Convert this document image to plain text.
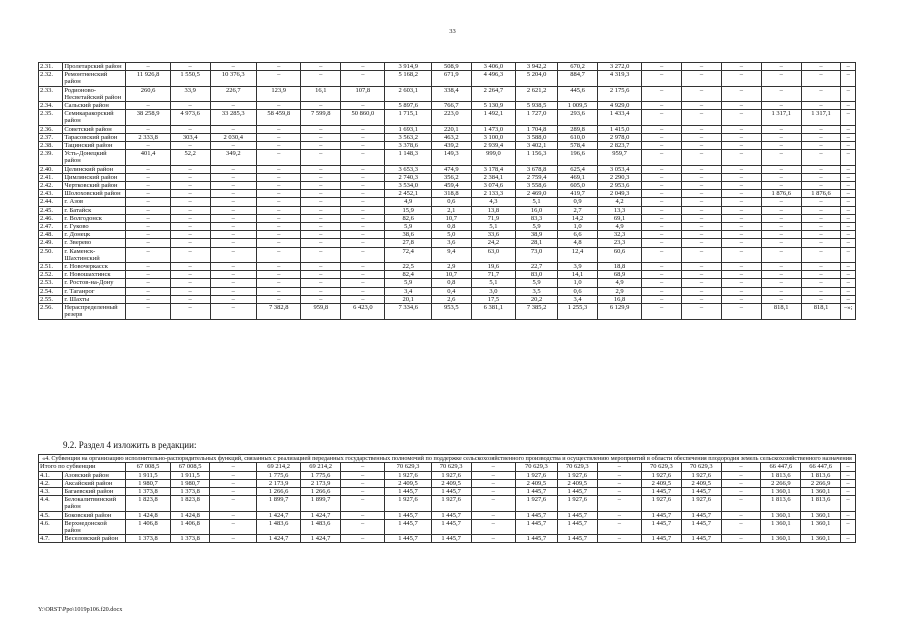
33
2.31.	Пролетарский район	–	–	–	–	–	–	3 914,9	508,9	3 406,0	3 942,2	670,2	3 272,0	–	–	–	–	–	–
2.32.	Ремонтненский район	11 926,8	1 550,5	10 376,3	–	–	–	5 168,2	671,9	4 496,3	5 204,0	884,7	4 319,3	–	–	–	–	–	–
2.33.	Родионово-Несветайский район	260,6	33,9	226,7	123,9	16,1	107,8	2 603,1	338,4	2 264,7	2 621,2	445,6	2 175,6	–	–	–	–	–	–
2.34.	Сальский район	–	–	–	–	–	–	5 897,6	766,7	5 130,9	5 938,5	1 009,5	4 929,0	–	–	–	–	–	–
2.35.	Семикаракорский район	38 258,9	4 973,6	33 285,3	58 459,8	7 599,8	50 860,0	1 715,1	223,0	1 492,1	1 727,0	293,6	1 433,4	–	–	–	1 317,1	1 317,1	–
2.36.	Советский район	–	–	–	–	–	–	1 693,1	220,1	1 473,0	1 704,8	289,8	1 415,0	–	–	–	–	–	–
2.37.	Тарасовский район	2 333,8	303,4	2 030,4	–	–	–	3 563,2	463,2	3 100,0	3 588,0	610,0	2 978,0	–	–	–	–	–	–
2.38.	Тацинский район	–	–	–	–	–	–	3 378,6	439,2	2 939,4	3 402,1	578,4	2 823,7	–	–	–	–	–	–
2.39.	Усть-Донецкий район	401,4	52,2	349,2	–	–	–	1 148,3	149,3	999,0	1 156,3	196,6	959,7	–	–	–	–	–	–
2.40.	Целинский район	–	–	–	–	–	–	3 653,3	474,9	3 178,4	3 678,8	625,4	3 053,4	–	–	–	–	–	–
2.41.	Цимлянский район	–	–	–	–	–	–	2 740,3	356,2	2 384,1	2 759,4	469,1	2 290,3	–	–	–	–	–	–
2.42.	Чертковский район	–	–	–	–	–	–	3 534,0	459,4	3 074,6	3 558,6	605,0	2 953,6	–	–	–	–	–	–
2.43.	Шолоховский район	–	–	–	–	–	–	2 452,1	318,8	2 133,3	2 469,0	419,7	2 049,3	–	–	–	1 876,6	1 876,6	–
2.44.	г. Азов	–	–	–	–	–	–	4,9	0,6	4,3	5,1	0,9	4,2	–	–	–	–	–	–
2.45.	г. Батайск	–	–	–	–	–	–	15,9	2,1	13,8	16,0	2,7	13,3	–	–	–	–	–	–
2.46.	г. Волгодонск	–	–	–	–	–	–	82,6	10,7	71,9	83,3	14,2	69,1	–	–	–	–	–	–
2.47.	г. Гуково	–	–	–	–	–	–	5,9	0,8	5,1	5,9	1,0	4,9	–	–	–	–	–	–
2.48.	г. Донецк	–	–	–	–	–	–	38,6	5,0	33,6	38,9	6,6	32,3	–	–	–	–	–	–
2.49.	г. Зверево	–	–	–	–	–	–	27,8	3,6	24,2	28,1	4,8	23,3	–	–	–	–	–	–
2.50.	г. Каменск-Шахтинский	–	–	–	–	–	–	72,4	9,4	63,0	73,0	12,4	60,6	–	–	–	–	–	–
2.51.	г. Новочеркасск	–	–	–	–	–	–	22,5	2,9	19,6	22,7	3,9	18,8	–	–	–	–	–	–
2.52.	г. Новошахтинск	–	–	–	–	–	–	82,4	10,7	71,7	83,0	14,1	68,9	–	–	–	–	–	–
2.53.	г. Ростов-на-Дону	–	–	–	–	–	–	5,9	0,8	5,1	5,9	1,0	4,9	–	–	–	–	–	–
2.54.	г. Таганрог	–	–	–	–	–	–	3,4	0,4	3,0	3,5	0,6	2,9	–	–	–	–	–	–
2.55.	г. Шахты	–	–	–	–	–	–	20,1	2,6	17,5	20,2	3,4	16,8	–	–	–	–	–	–
2.56.	Нераспределенный резерв	–	–	–	7 382,8	959,8	6 423,0	7 334,6	953,5	6 381,1	7 385,2	1 255,3	6 129,9	–	–	–	818,1	818,1	–»;
9.2. Раздел 4 изложить в редакции:
«4. Субвенция на организацию исполнительно-распорядительных функций, связанных с реализацией переданных государственных полномочий по поддержке сельскохозяйственного производства и осуществлению мероприятий в области обеспечения плодородия земель сельскохозяйственного назначения																			
Итого по субвенции		67 008,5	67 008,5	–	69 214,2	69 214,2	–	70 629,3	70 629,3	–	70 629,3	70 629,3	–	70 629,3	70 629,3	–	66 447,6	66 447,6	–
4.1.	Азовский район	1 911,5	1 911,5	–	1 775,6	1 775,6	–	1 927,6	1 927,6	–	1 927,6	1 927,6	–	1 927,6	1 927,6	–	1 813,6	1 813,6	–
4.2.	Аксайский район	1 980,7	1 980,7	–	2 173,9	2 173,9	–	2 409,5	2 409,5	–	2 409,5	2 409,5	–	2 409,5	2 409,5	–	2 266,9	2 266,9	–
4.3.	Багаевский район	1 373,8	1 373,8	–	1 266,6	1 266,6	–	1 445,7	1 445,7	–	1 445,7	1 445,7	–	1 445,7	1 445,7	–	1 360,1	1 360,1	–
4.4.	Белокалитвинский район	1 823,8	1 823,8	–	1 899,7	1 899,7	–	1 927,6	1 927,6	–	1 927,6	1 927,6	–	1 927,6	1 927,6	–	1 813,6	1 813,6	–
4.5.	Боковский район	1 424,8	1 424,8	–	1 424,7	1 424,7	–	1 445,7	1 445,7	–	1 445,7	1 445,7	–	1 445,7	1 445,7	–	1 360,1	1 360,1	–
4.6.	Верхнедонской район	1 406,8	1 406,8	–	1 483,6	1 483,6	–	1 445,7	1 445,7	–	1 445,7	1 445,7	–	1 445,7	1 445,7	–	1 360,1	1 360,1	–
4.7.	Веселовский район	1 373,8	1 373,8	–	1 424,7	1 424,7	–	1 445,7	1 445,7	–	1 445,7	1 445,7	–	1 445,7	1 445,7	–	1 360,1	1 360,1	–
Y:\ORST\Ppo\1019p106.f20.docx
